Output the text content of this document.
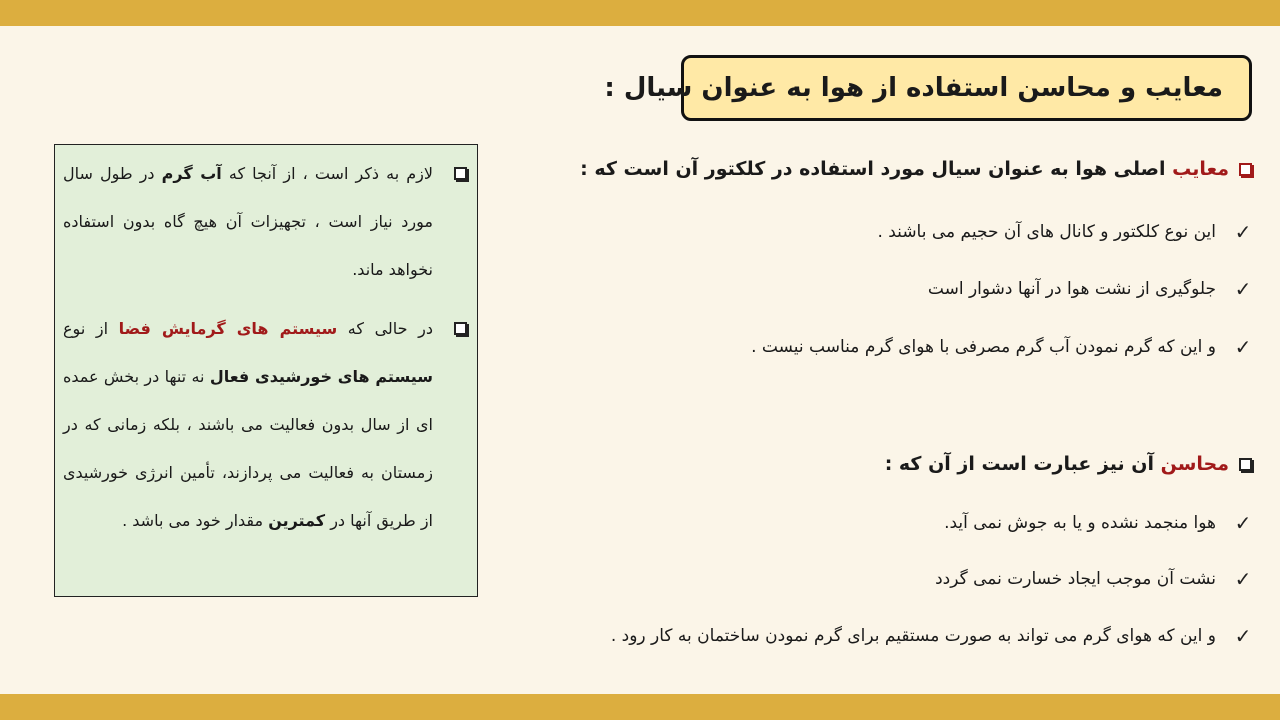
معایب و محاسن استفاده از هوا به عنوان سیال :
معایب اصلی هوا به عنوان سیال مورد استفاده در کلکتور آن است که :
✓
این نوع کلکتور و کانال های آن حجیم می باشند .
✓
جلوگیری از نشت هوا در آنها دشوار است
✓
و این که گرم نمودن آب گرم مصرفی با هوای گرم مناسب نیست .
محاسن آن نیز عبارت است از آن که :
✓
هوا منجمد نشده و یا به جوش نمی آید.
✓
نشت آن موجب ایجاد خسارت نمی گردد
✓
و این که هوای گرم می تواند به صورت مستقیم برای گرم نمودن ساختمان به کار رود .
لازم به ذکر است ، از آنجا که آب گرم در طول سال مورد نیاز است ، تجهیزات آن هیچ گاه بدون استفاده نخواهد ماند.
در حالی که سیستم های گرمایش فضا از نوع سیستم های خورشیدی فعال نه تنها در بخش عمده ای از سال بدون فعالیت می باشند ، بلکه زمانی که در زمستان به فعالیت می پردازند، تأمین انرژی خورشیدی از طریق آنها در کمترین مقدار خود می باشد .
